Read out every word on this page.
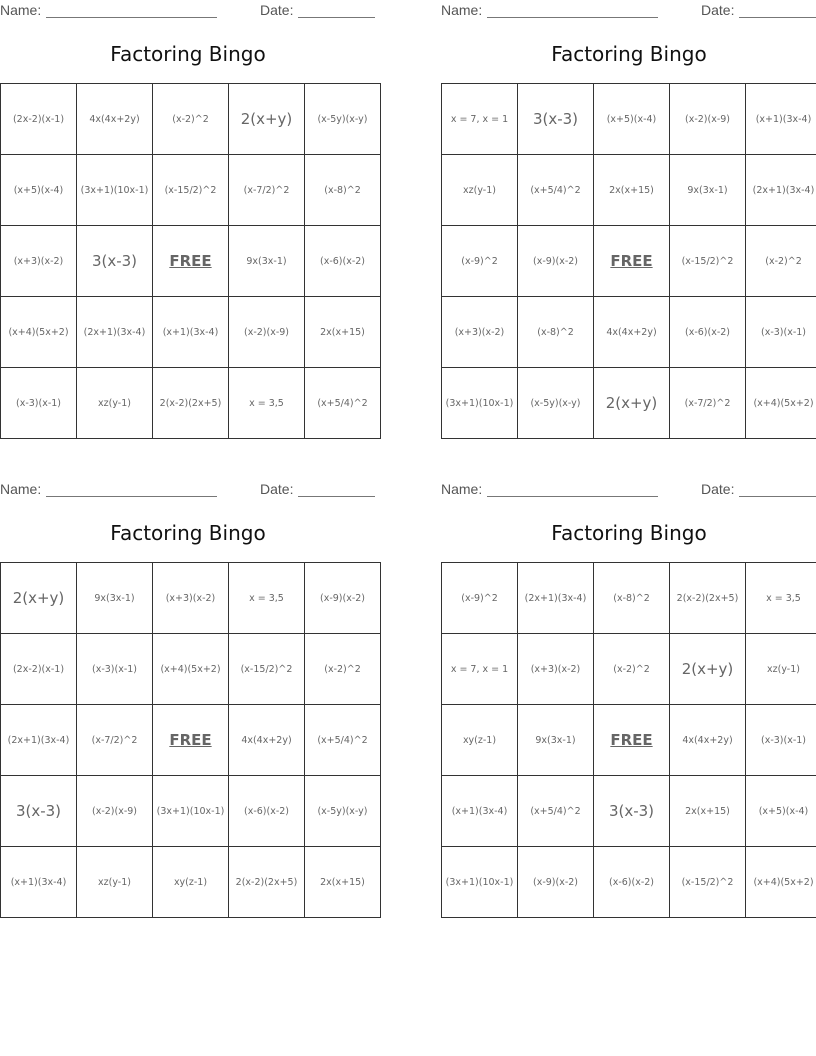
Name:	Date:
Factoring Bingo
(2x-2)(x-1)	4x(4x+2y)	(x-2)^2	2(x+y)	(x-5y)(x-y)
(x+5)(x-4)	(3x+1)(10x-1)	(x-15/2)^2	(x-7/2)^2	(x-8)^2
(x+3)(x-2)	3(x-3)	FREE	9x(3x-1)	(x-6)(x-2)
(x+4)(5x+2)	(2x+1)(3x-4)	(x+1)(3x-4)	(x-2)(x-9)	2x(x+15)
(x-3)(x-1)	xz(y-1)	2(x-2)(2x+5)	x = 3,5	(x+5/4)^2
Name:	Date:
Factoring Bingo
x = 7, x = 1	3(x-3)	(x+5)(x-4)	(x-2)(x-9)	(x+1)(3x-4)
xz(y-1)	(x+5/4)^2	2x(x+15)	9x(3x-1)	(2x+1)(3x-4)
(x-9)^2	(x-9)(x-2)	FREE	(x-15/2)^2	(x-2)^2
(x+3)(x-2)	(x-8)^2	4x(4x+2y)	(x-6)(x-2)	(x-3)(x-1)
(3x+1)(10x-1)	(x-5y)(x-y)	2(x+y)	(x-7/2)^2	(x+4)(5x+2)
Name:	Date:
Factoring Bingo
2(x+y)	9x(3x-1)	(x+3)(x-2)	x = 3,5	(x-9)(x-2)
(2x-2)(x-1)	(x-3)(x-1)	(x+4)(5x+2)	(x-15/2)^2	(x-2)^2
(2x+1)(3x-4)	(x-7/2)^2	FREE	4x(4x+2y)	(x+5/4)^2
3(x-3)	(x-2)(x-9)	(3x+1)(10x-1)	(x-6)(x-2)	(x-5y)(x-y)
(x+1)(3x-4)	xz(y-1)	xy(z-1)	2(x-2)(2x+5)	2x(x+15)
Name:	Date:
Factoring Bingo
(x-9)^2	(2x+1)(3x-4)	(x-8)^2	2(x-2)(2x+5)	x = 3,5
x = 7, x = 1	(x+3)(x-2)	(x-2)^2	2(x+y)	xz(y-1)
xy(z-1)	9x(3x-1)	FREE	4x(4x+2y)	(x-3)(x-1)
(x+1)(3x-4)	(x+5/4)^2	3(x-3)	2x(x+15)	(x+5)(x-4)
(3x+1)(10x-1)	(x-9)(x-2)	(x-6)(x-2)	(x-15/2)^2	(x+4)(5x+2)
